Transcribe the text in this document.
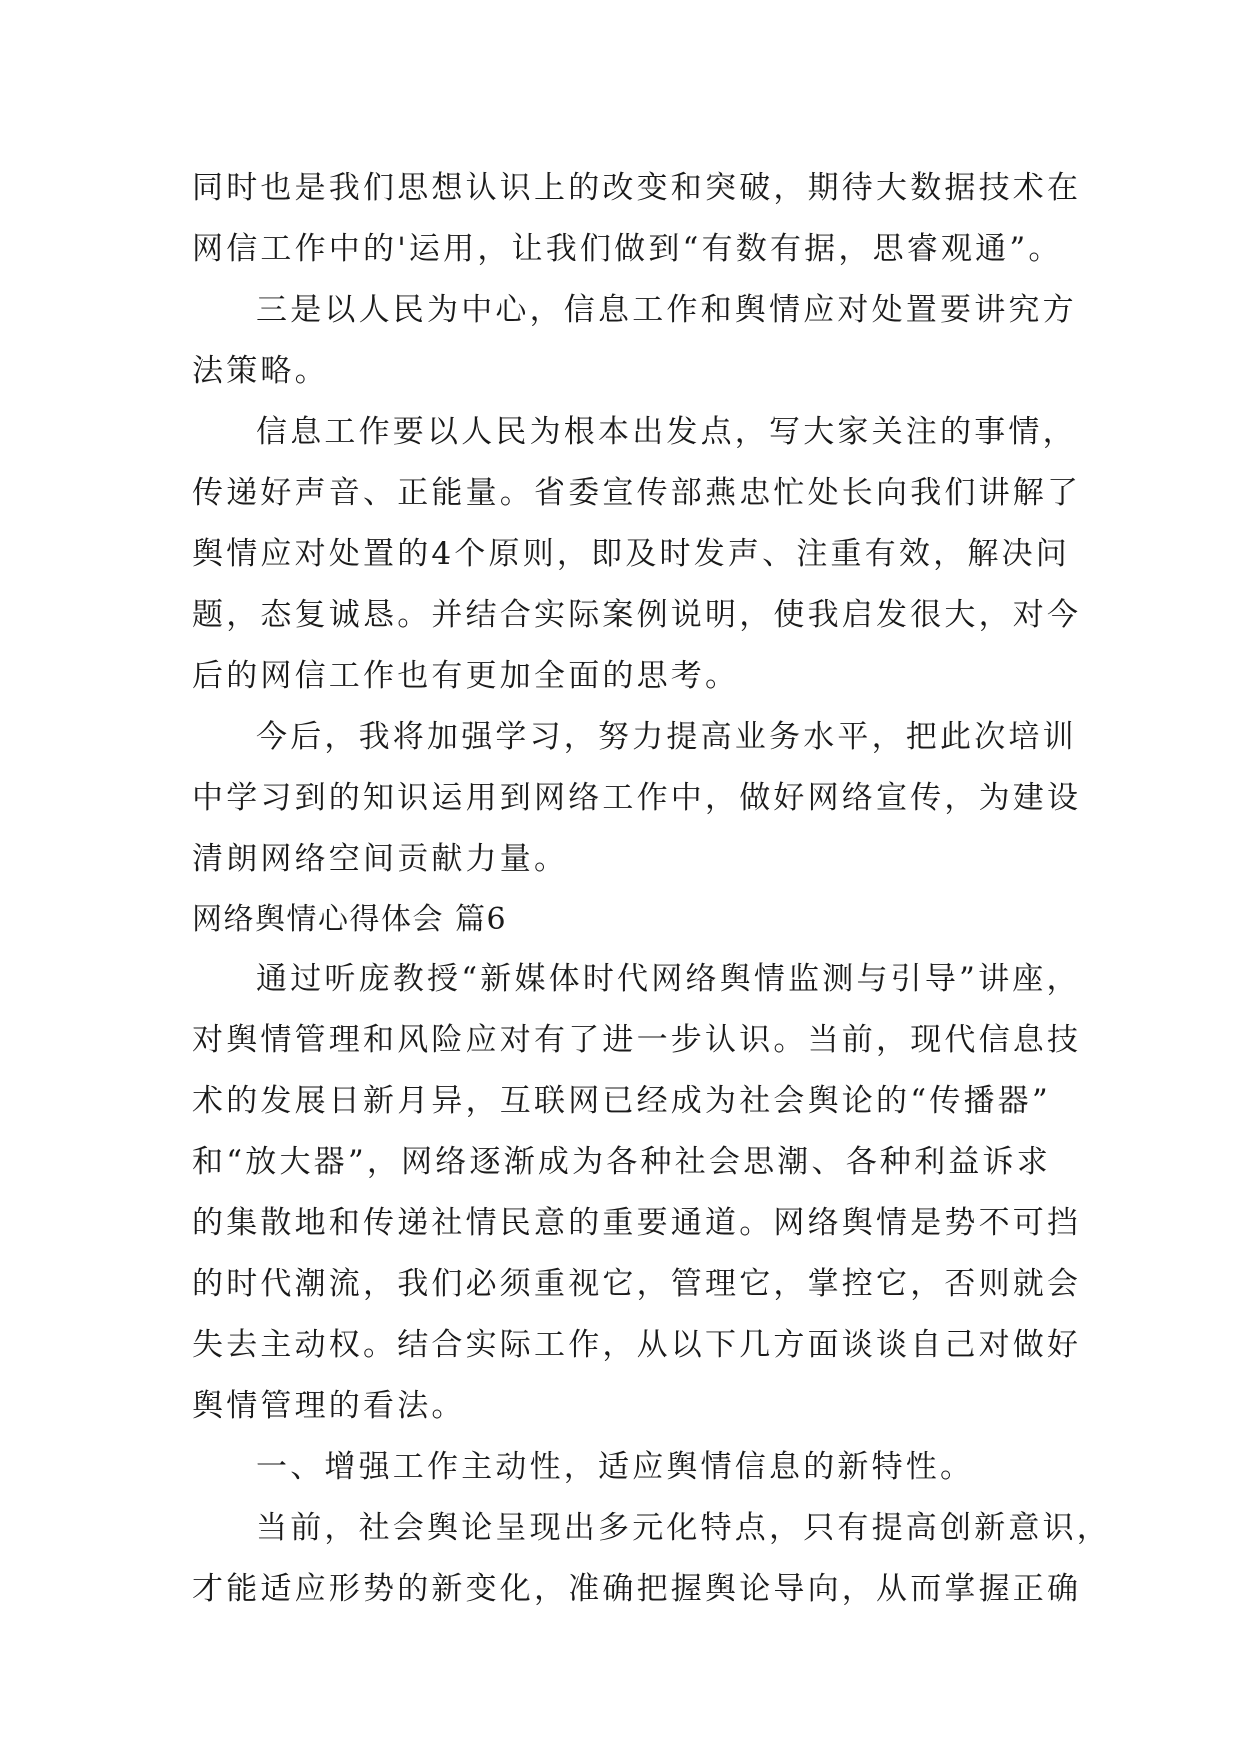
同时也是我们思想认识上的改变和突破，期待大数据技术在
网信工作中的'运用，让我们做到“有数有据，思睿观通”。
三是以人民为中心，信息工作和舆情应对处置要讲究方
法策略。
信息工作要以人民为根本出发点，写大家关注的事情，
传递好声音、正能量。省委宣传部燕忠忙处长向我们讲解了
舆情应对处置的4个原则，即及时发声、注重有效，解决问
题，态复诚恳。并结合实际案例说明，使我启发很大，对今
后的网信工作也有更加全面的思考。
今后，我将加强学习，努力提高业务水平，把此次培训
中学习到的知识运用到网络工作中，做好网络宣传，为建设
清朗网络空间贡献力量。
网络舆情心得体会 篇6
通过听庞教授“新媒体时代网络舆情监测与引导”讲座，
对舆情管理和风险应对有了进一步认识。当前，现代信息技
术的发展日新月异，互联网已经成为社会舆论的“传播器”
和“放大器”，网络逐渐成为各种社会思潮、各种利益诉求
的集散地和传递社情民意的重要通道。网络舆情是势不可挡
的时代潮流，我们必须重视它，管理它，掌控它，否则就会
失去主动权。结合实际工作，从以下几方面谈谈自己对做好
舆情管理的看法。
一、增强工作主动性，适应舆情信息的新特性。
当前，社会舆论呈现出多元化特点，只有提高创新意识，
才能适应形势的新变化，准确把握舆论导向，从而掌握正确
